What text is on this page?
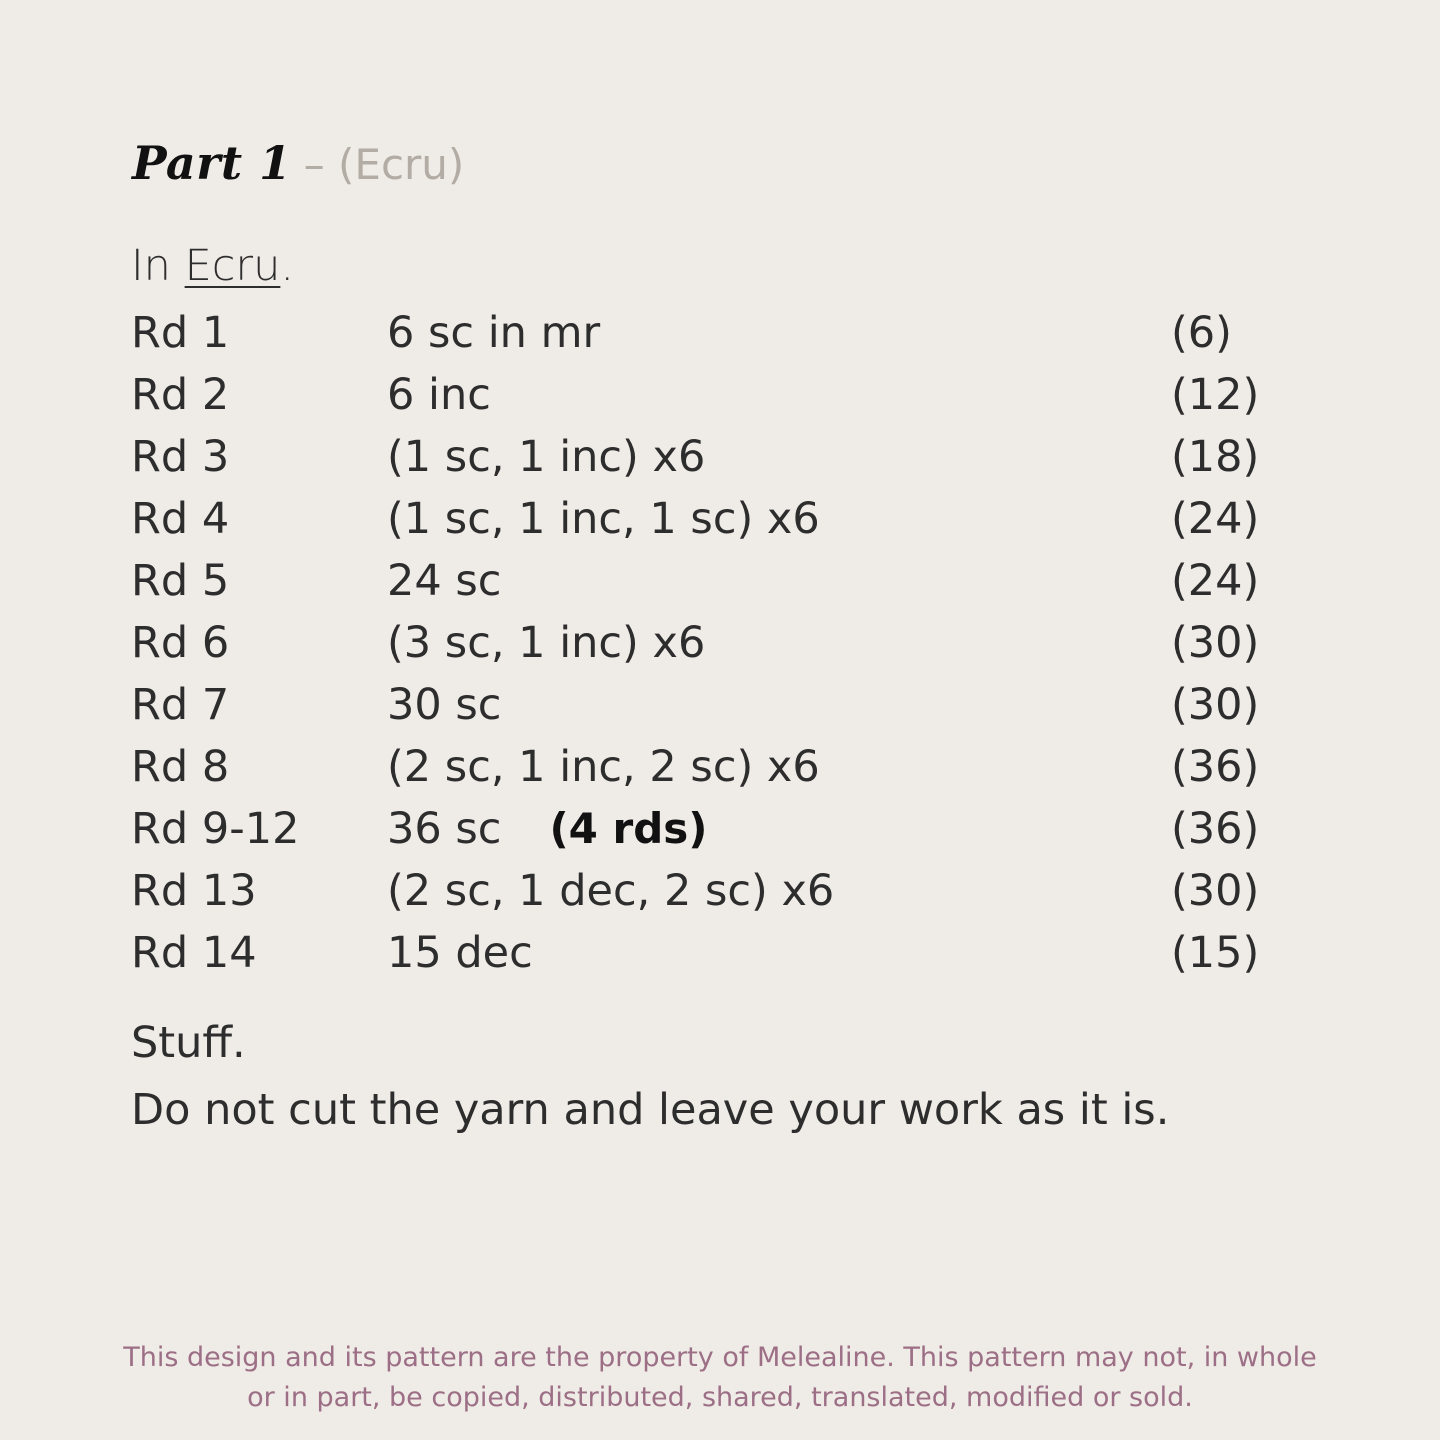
Part 1 – (Ecru)
In Ecru.
Rd 1	6 sc in mr	(6)
Rd 2	6 inc	(12)
Rd 3	(1 sc, 1 inc) x6	(18)
Rd 4	(1 sc, 1 inc, 1 sc) x6	(24)
Rd 5	24 sc	(24)
Rd 6	(3 sc, 1 inc) x6	(30)
Rd 7	30 sc	(30)
Rd 8	(2 sc, 1 inc, 2 sc) x6	(36)
Rd 9-12 36 sc (4 rds)	(36)
Rd 13	(2 sc, 1 dec, 2 sc) x6	(30)
Rd 14	15 dec	(15)

Stuff.

Do not cut the yarn and leave your work as it is.

This design and its pattern are the property of Melealine. This pattern may not, in whole

or in part, be copied, distributed, shared, translated, modified or sold.
